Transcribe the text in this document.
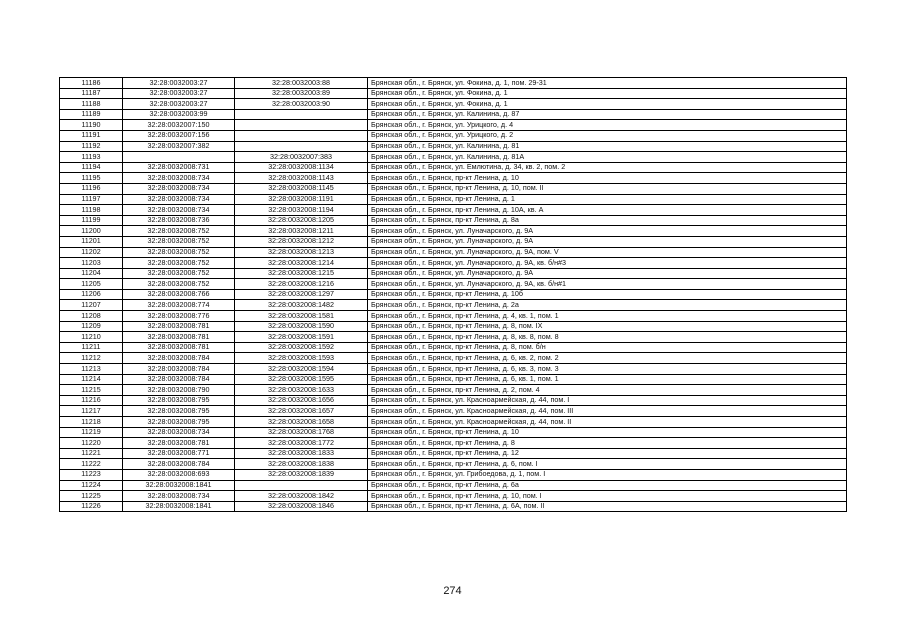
11186	32:28:0032003:27	32:28:0032003:88	Брянская обл., г. Брянск, ул. Фокина, д. 1, пом. 29-31
11187	32:28:0032003:27	32:28:0032003:89	Брянская обл., г. Брянск, ул. Фокина, д. 1
11188	32:28:0032003:27	32:28:0032003:90	Брянская обл., г. Брянск, ул. Фокина, д. 1
11189	32:28:0032003:99		Брянская обл., г. Брянск, ул. Калинина, д. 87
11190	32:28:0032007:150		Брянская обл., г. Брянск, ул. Урицкого, д. 4
11191	32:28:0032007:156		Брянская обл., г. Брянск, ул. Урицкого, д. 2
11192	32:28:0032007:382		Брянская обл., г. Брянск, ул. Калинина, д. 81
11193		32:28:0032007:383	Брянская обл., г. Брянск, ул. Калинина, д. 81А
11194	32:28:0032008:731	32:28:0032008:1134	Брянская обл., г. Брянск, ул. Емлютина, д. 34, кв. 2, пом. 2
11195	32:28:0032008:734	32:28:0032008:1143	Брянская обл., г. Брянск, пр-кт Ленина, д. 10
11196	32:28:0032008:734	32:28:0032008:1145	Брянская обл., г. Брянск, пр-кт Ленина, д. 10, пом. II
11197	32:28:0032008:734	32:28:0032008:1191	Брянская обл., г. Брянск, пр-кт Ленина, д. 1
11198	32:28:0032008:734	32:28:0032008:1194	Брянская обл., г. Брянск, пр-кт Ленина, д. 10А, кв. А
11199	32:28:0032008:736	32:28:0032008:1205	Брянская обл., г. Брянск, пр-кт Ленина, д. 8а
11200	32:28:0032008:752	32:28:0032008:1211	Брянская обл., г. Брянск, ул. Луначарского, д. 9А
11201	32:28:0032008:752	32:28:0032008:1212	Брянская обл., г. Брянск, ул. Луначарского, д. 9А
11202	32:28:0032008:752	32:28:0032008:1213	Брянская обл., г. Брянск, ул. Луначарского, д. 9А, пом. V
11203	32:28:0032008:752	32:28:0032008:1214	Брянская обл., г. Брянск, ул. Луначарского, д. 9А, кв. б/н#3
11204	32:28:0032008:752	32:28:0032008:1215	Брянская обл., г. Брянск, ул. Луначарского, д. 9А
11205	32:28:0032008:752	32:28:0032008:1216	Брянская обл., г. Брянск, ул. Луначарского, д. 9А, кв. б/н#1
11206	32:28:0032008:766	32:28:0032008:1297	Брянская обл., г. Брянск, пр-кт Ленина, д. 10б
11207	32:28:0032008:774	32:28:0032008:1482	Брянская обл., г. Брянск, пр-кт Ленина, д. 2а
11208	32:28:0032008:776	32:28:0032008:1581	Брянская обл., г. Брянск, пр-кт Ленина, д. 4, кв. 1, пом. 1
11209	32:28:0032008:781	32:28:0032008:1590	Брянская обл., г. Брянск, пр-кт Ленина, д. 8, пом. IX
11210	32:28:0032008:781	32:28:0032008:1591	Брянская обл., г. Брянск, пр-кт Ленина, д. 8, кв. 8, пом. 8
11211	32:28:0032008:781	32:28:0032008:1592	Брянская обл., г. Брянск, пр-кт Ленина, д. 8, пом. б/н
11212	32:28:0032008:784	32:28:0032008:1593	Брянская обл., г. Брянск, пр-кт Ленина, д. 6, кв. 2, пом. 2
11213	32:28:0032008:784	32:28:0032008:1594	Брянская обл., г. Брянск, пр-кт Ленина, д. 6, кв. 3, пом. 3
11214	32:28:0032008:784	32:28:0032008:1595	Брянская обл., г. Брянск, пр-кт Ленина, д. 6, кв. 1, пом. 1
11215	32:28:0032008:790	32:28:0032008:1633	Брянская обл., г. Брянск, пр-кт Ленина, д. 2, пом. 4
11216	32:28:0032008:795	32:28:0032008:1656	Брянская обл., г. Брянск, ул. Красноармейская, д. 44, пом. I
11217	32:28:0032008:795	32:28:0032008:1657	Брянская обл., г. Брянск, ул. Красноармейская, д. 44, пом. III
11218	32:28:0032008:795	32:28:0032008:1658	Брянская обл., г. Брянск, ул. Красноармейская, д. 44, пом. II
11219	32:28:0032008:734	32:28:0032008:1768	Брянская обл., г. Брянск, пр-кт Ленина, д. 10
11220	32:28:0032008:781	32:28:0032008:1772	Брянская обл., г. Брянск, пр-кт Ленина, д. 8
11221	32:28:0032008:771	32:28:0032008:1833	Брянская обл., г. Брянск, пр-кт Ленина, д. 12
11222	32:28:0032008:784	32:28:0032008:1838	Брянская обл., г. Брянск, пр-кт Ленина, д. 6, пом. I
11223	32:28:0032008:693	32:28:0032008:1839	Брянская обл., г. Брянск, ул. Грибоедова, д. 1, пом. I
11224	32:28:0032008:1841		Брянская обл., г. Брянск, пр-кт Ленина, д. 6а
11225	32:28:0032008:734	32:28:0032008:1842	Брянская обл., г. Брянск, пр-кт Ленина, д. 10, пом. I
11226	32:28:0032008:1841	32:28:0032008:1846	Брянская обл., г. Брянск, пр-кт Ленина, д. 6А, пом. II
274
